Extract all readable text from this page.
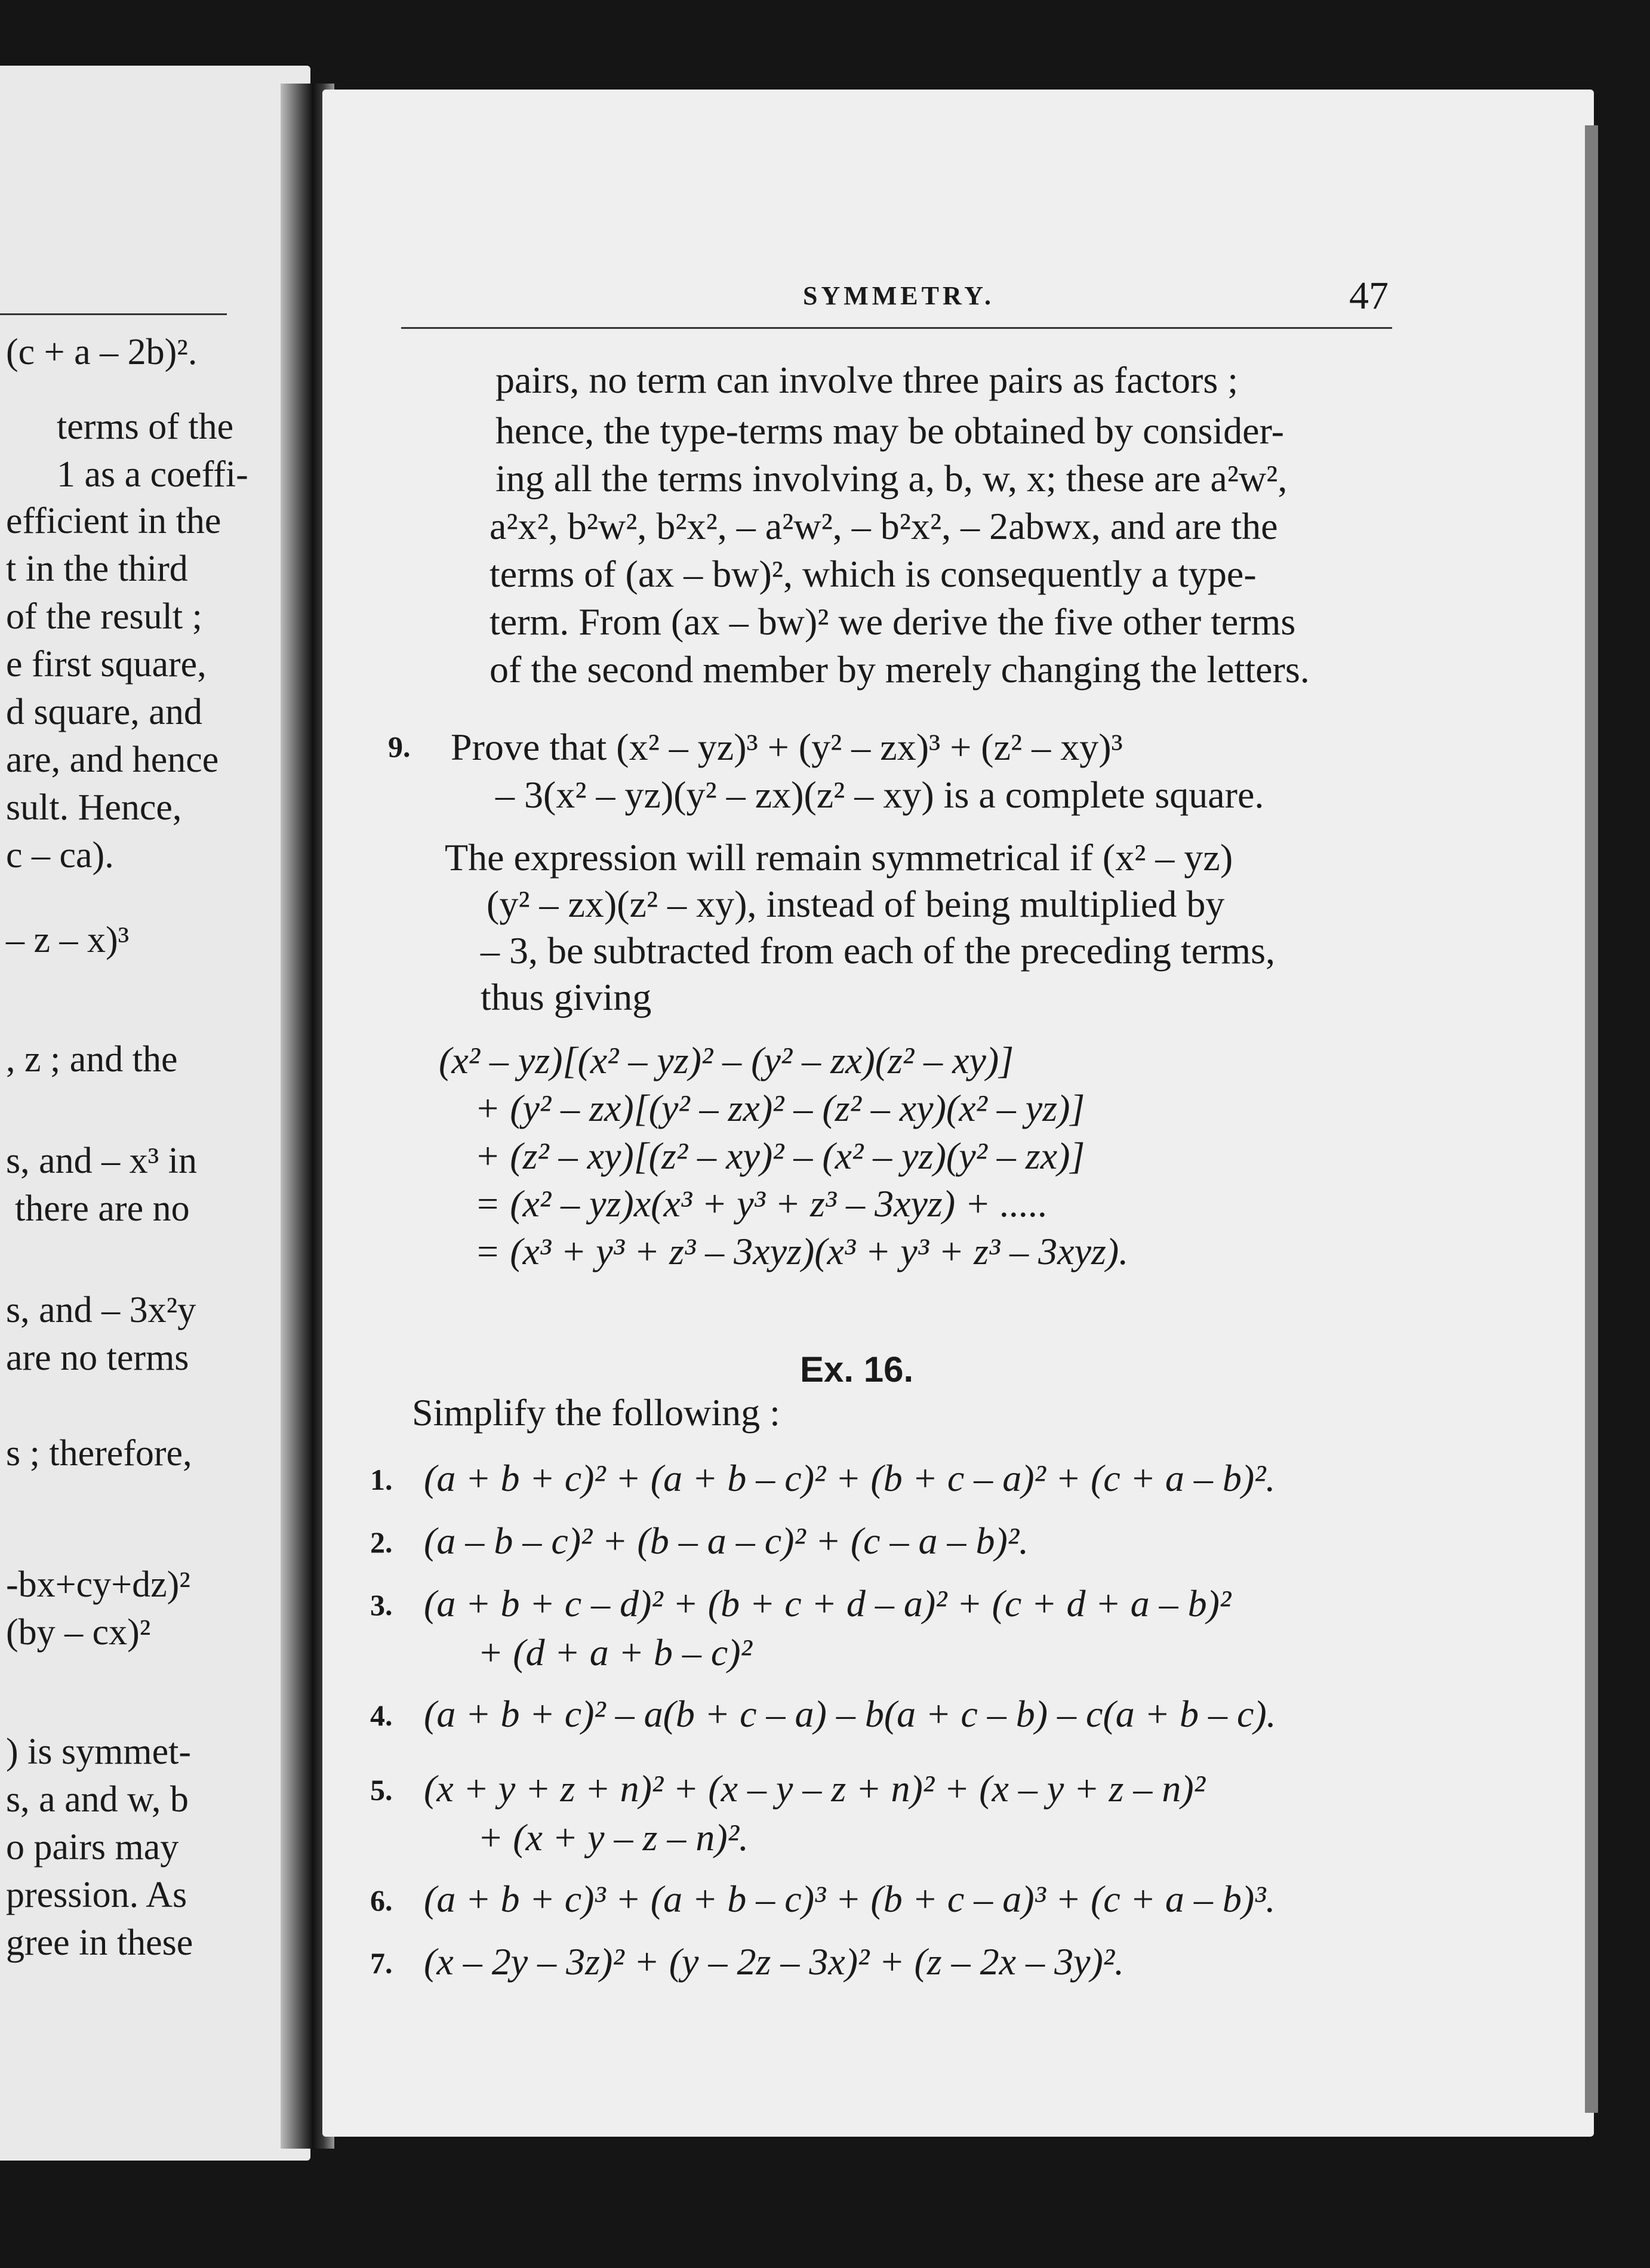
(c + a – 2b)².
terms of the
1 as a coeffi-
efficient in the
t in the third
of the result ;
e first square,
d square, and
are, and hence
sult. Hence,
c – ca).
– z – x)³
, z ; and the
s, and – x³ in
there are no
s, and – 3x²y
are no terms
s ; therefore,
-bx+cy+dz)²
(by – cx)²
) is symmet-
s, a and w, b
o pairs may
pression. As
gree in these
SYMMETRY.	47
pairs, no term can involve three pairs as factors ;
hence, the type-terms may be obtained by consider-
ing all the terms involving a, b, w, x; these are a²w²,
a²x², b²w², b²x², – a²w², – b²x², – 2abwx, and are the
terms of (ax – bw)², which is consequently a type-
term. From (ax – bw)² we derive the five other terms
of the second member by merely changing the letters.
9. Prove that (x² – yz)³ + (y² – zx)³ + (z² – xy)³
– 3(x² – yz)(y² – zx)(z² – xy) is a complete square.
The expression will remain symmetrical if (x² – yz)
(y² – zx)(z² – xy), instead of being multiplied by
– 3, be subtracted from each of the preceding terms,
thus giving
(x² – yz)[(x² – yz)² – (y² – zx)(z² – xy)]
+ (y² – zx)[(y² – zx)² – (z² – xy)(x² – yz)]
+ (z² – xy)[(z² – xy)² – (x² – yz)(y² – zx)]
= (x² – yz)x(x³ + y³ + z³ – 3xyz) + .....
= (x³ + y³ + z³ – 3xyz)(x³ + y³ + z³ – 3xyz).
Ex. 16.
Simplify the following :
1. (a + b + c)² + (a + b – c)² + (b + c – a)² + (c + a – b)².
2. (a – b – c)² + (b – a – c)² + (c – a – b)².
3. (a + b + c – d)² + (b + c + d – a)² + (c + d + a – b)²
+ (d + a + b – c)²
4. (a + b + c)² – a(b + c – a) – b(a + c – b) – c(a + b – c).
5. (x + y + z + n)² + (x – y – z + n)² + (x – y + z – n)²
+ (x + y – z – n)².
6. (a + b + c)³ + (a + b – c)³ + (b + c – a)³ + (c + a – b)³.
7. (x – 2y – 3z)² + (y – 2z – 3x)² + (z – 2x – 3y)².
